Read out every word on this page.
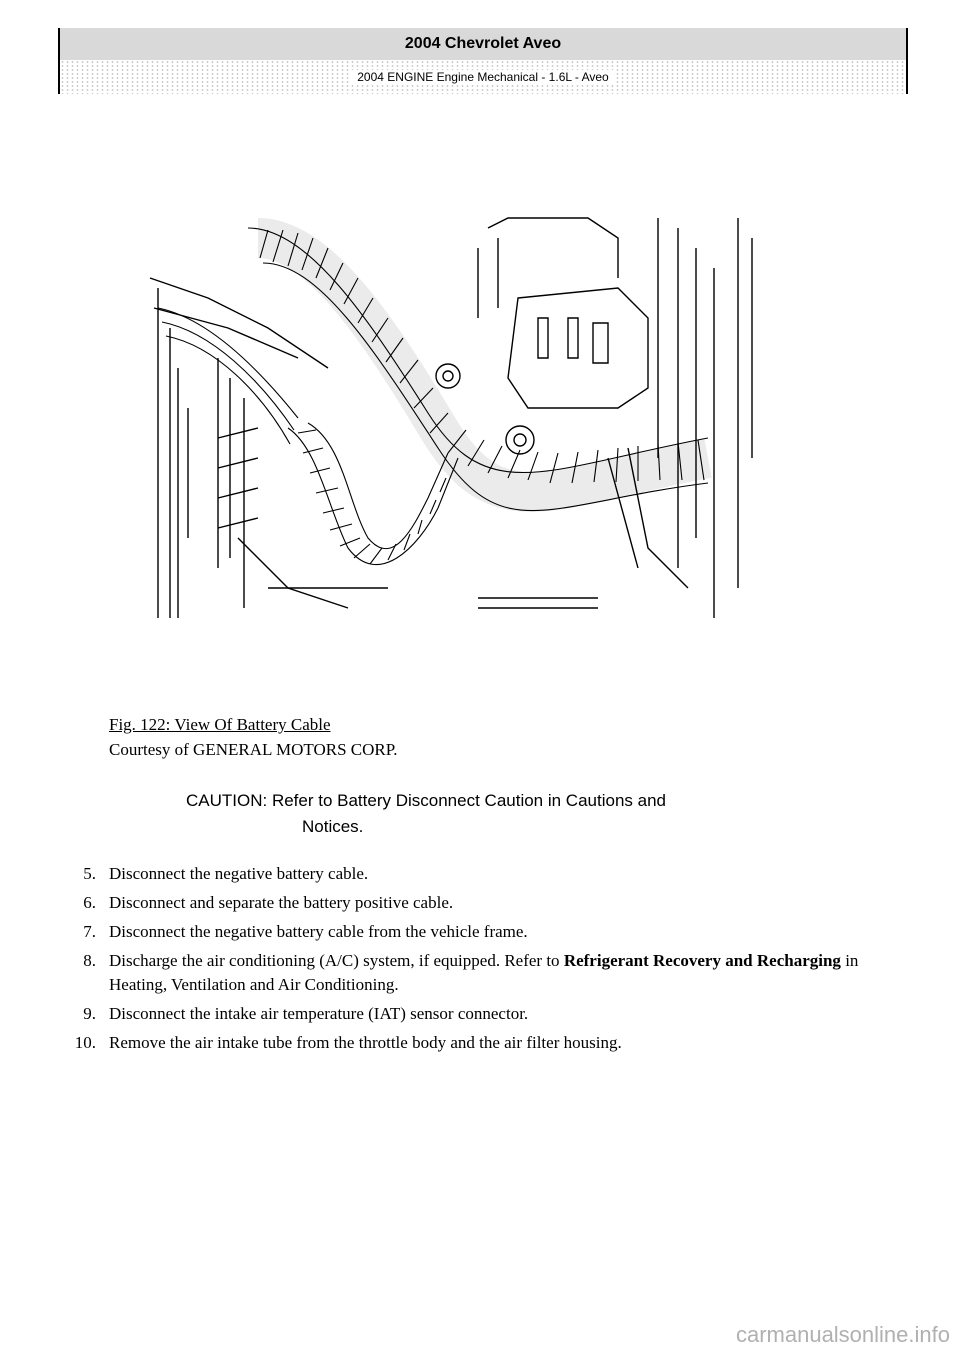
2004 Chevrolet Aveo
2004 ENGINE Engine Mechanical - 1.6L - Aveo
Fig. 122: View Of Battery Cable
Courtesy of GENERAL MOTORS CORP.
CAUTION: Refer to Battery Disconnect Caution in Cautions and
Notices.
5. Disconnect the negative battery cable.
6. Disconnect and separate the battery positive cable.
7. Disconnect the negative battery cable from the vehicle frame.
8. Discharge the air conditioning (A/C) system, if equipped. Refer to Refrigerant Recovery and Recharging in Heating, Ventilation and Air Conditioning.
9. Disconnect the intake air temperature (IAT) sensor connector.
10. Remove the air intake tube from the throttle body and the air filter housing.
carmanualsonline.info
